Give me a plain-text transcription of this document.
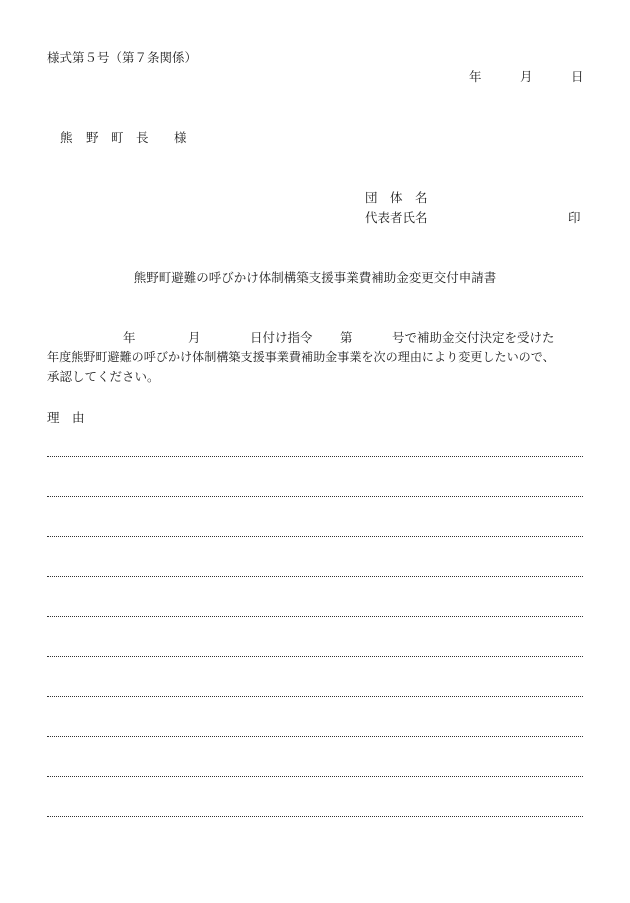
様式第５号（第７条関係）
年	月	日
熊 野 町 長 様
団 体 名
代表者氏名	印
熊野町避難の呼びかけ体制構築支援事業費補助金変更交付申請書
年	月	日付け指令 第	号で補助金交付決定を受けた
年度熊野町避難の呼びかけ体制構築支援事業費補助金事業を次の理由により変更したいので、
承認してください。
理 由
